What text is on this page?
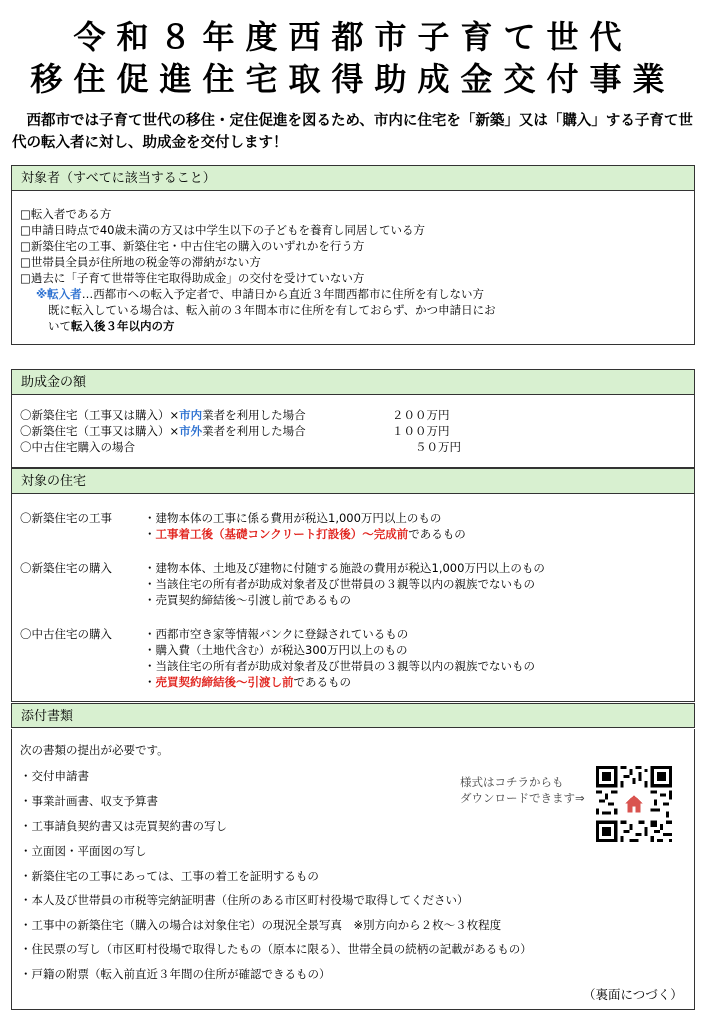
令和８年度西都市子育て世代
移住促進住宅取得助成金交付事業
　西都市では子育て世代の移住・定住促進を図るため、市内に住宅を「新築」又は「購入」する子育て世代の転入者に対し、助成金を交付します！
対象者（すべてに該当すること）
□転入者である方
□申請日時点で40歳未満の方又は中学生以下の子どもを養育し同居している方
□新築住宅の工事、新築住宅・中古住宅の購入のいずれかを行う方
□世帯員全員が住所地の税金等の滞納がない方
□過去に「子育て世帯等住宅取得助成金」の交付を受けていない方
※転入者…西都市への転入予定者で、申請日から直近３年間西都市に住所を有しない方
既に転入している場合は、転入前の３年間本市に住所を有しておらず、かつ申請日にお
いて転入後３年以内の方
助成金の額
〇新築住宅（工事又は購入）×市内業者を利用した場合	２００万円
〇新築住宅（工事又は購入）×市外業者を利用した場合	１００万円
〇中古住宅購入の場合	５０万円
対象の住宅
〇新築住宅の工事	・建物本体の工事に係る費用が税込1,000万円以上のもの
・工事着工後（基礎コンクリート打設後）～完成前であるもの
〇新築住宅の購入	・建物本体、土地及び建物に付随する施設の費用が税込1,000万円以上のもの
・当該住宅の所有者が助成対象者及び世帯員の３親等以内の親族でないもの
・売買契約締結後～引渡し前であるもの
〇中古住宅の購入	・西都市空き家等情報バンクに登録されているもの
・購入費（土地代含む）が税込300万円以上のもの
・当該住宅の所有者が助成対象者及び世帯員の３親等以内の親族でないもの
・売買契約締結後～引渡し前であるもの
添付書類
次の書類の提出が必要です。
・交付申請書
・事業計画書、収支予算書
・工事請負契約書又は売買契約書の写し
・立面図・平面図の写し
・新築住宅の工事にあっては、工事の着工を証明するもの
・本人及び世帯員の市税等完納証明書（住所のある市区町村役場で取得してください）
・工事中の新築住宅（購入の場合は対象住宅）の現況全景写真　※別方向から２枚～３枚程度
・住民票の写し（市区町村役場で取得したもの（原本に限る）、世帯全員の続柄の記載があるもの）
・戸籍の附票（転入前直近３年間の住所が確認できるもの）
様式はコチラからも
ダウンロードできます⇒
（裏面につづく）
